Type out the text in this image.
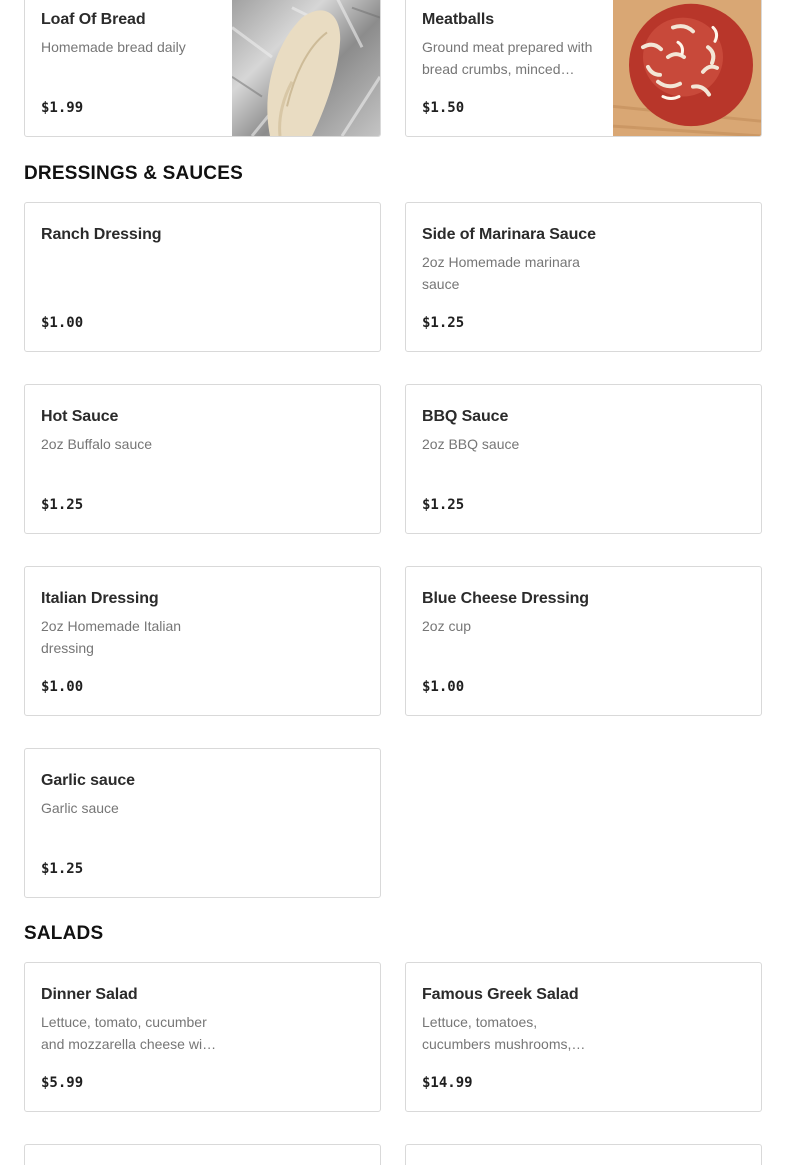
Loaf Of Bread
Homemade bread daily
$1.99
Meatballs
Ground meat prepared with bread crumbs, minced…
$1.50
DRESSINGS & SAUCES
Ranch Dressing
$1.00
Side of Marinara Sauce
2oz Homemade marinara sauce
$1.25
Hot Sauce
2oz Buffalo sauce
$1.25
BBQ Sauce
2oz BBQ sauce
$1.25
Italian Dressing
2oz Homemade Italian dressing
$1.00
Blue Cheese Dressing
2oz cup
$1.00
Garlic sauce
Garlic sauce
$1.25
SALADS
Dinner Salad
Lettuce, tomato, cucumber and mozzarella cheese wi…
$5.99
Famous Greek Salad
Lettuce, tomatoes, cucumbers mushrooms,…
$14.99
